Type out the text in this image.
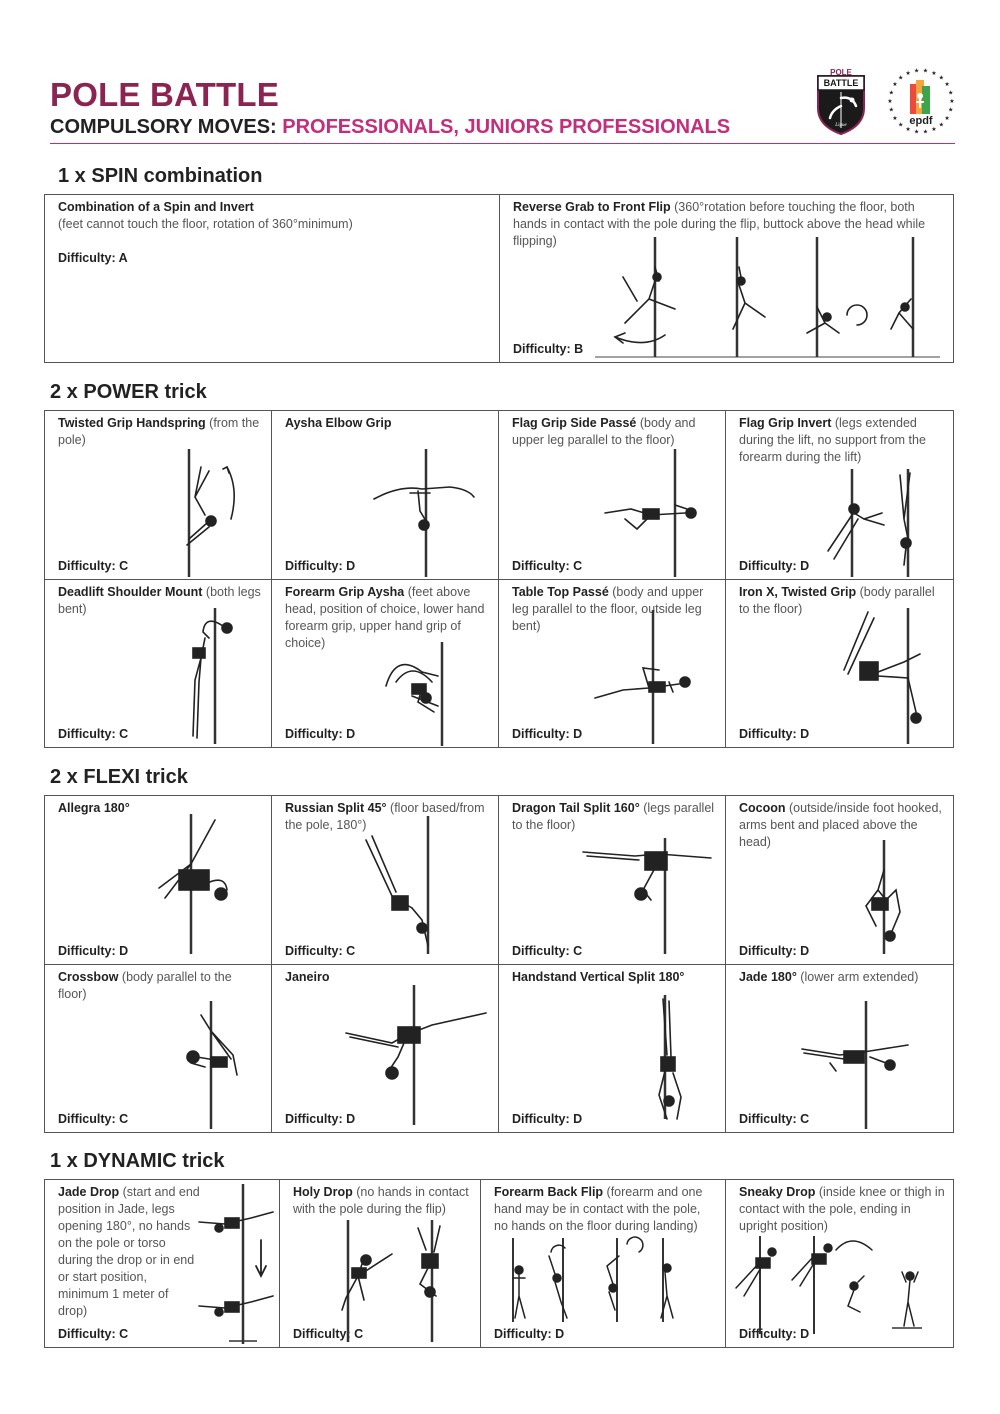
POLE BATTLE
COMPULSORY MOVES: PROFESSIONALS, JUNIORS PROFESSIONALS
POLE
BATTLE
Ligue
★
★
★
★
★
★
★
★
★
★
★
★
★
★
★
★ ★ ★ ★
★
★
★
epdf
1 x SPIN combination
Combination of a Spin and Invert
(feet cannot touch the floor, rotation of 360°minimum)
Difficulty: A
Reverse Grab to Front Flip (360°rotation before touching the floor, both hands in contact with the pole during the flip, buttock above the head while flipping)
Difficulty: B
2 x POWER trick
Twisted Grip Handspring (from the pole)
Difficulty: C
Aysha Elbow Grip
Difficulty: D
Flag Grip Side Passé (body and upper leg parallel to the floor)
Difficulty: C
Flag Grip Invert (legs extended during the lift, no support from the forearm during the lift)
Difficulty: D
Deadlift Shoulder Mount (both legs bent)
Difficulty: C
Forearm Grip Aysha (feet above head, position of choice, lower hand forearm grip, upper hand grip of choice)
Difficulty: D
Table Top Passé (body and upper leg parallel to the floor, outside leg bent)
Difficulty: D
Iron X, Twisted Grip (body parallel to the floor)
Difficulty: D
2 x FLEXI trick
Allegra 180°
Difficulty: D
Russian Split 45° (floor based/from the pole, 180°)
Difficulty: C
Dragon Tail Split 160° (legs parallel to the floor)
Difficulty: C
Cocoon (outside/inside foot hooked, arms bent and placed above the head)
Difficulty: D
Crossbow (body parallel to the floor)
Difficulty: C
Janeiro
Difficulty: D
Handstand Vertical Split 180°
Difficulty: D
Jade 180° (lower arm extended)
Difficulty: C
1 x DYNAMIC trick
Jade Drop (start and end position in Jade, legs opening 180°, no hands on the pole or torso during the drop or in end or start position, minimum 1 meter of drop)
Difficulty: C
Holy Drop (no hands in contact with the pole during the flip)
Difficulty: C
Forearm Back Flip (forearm and one hand may be in contact with the pole, no hands on the floor during landing)
Difficulty: D
Sneaky Drop (inside knee or thigh in contact with the pole, ending in upright position)
Difficulty: D
